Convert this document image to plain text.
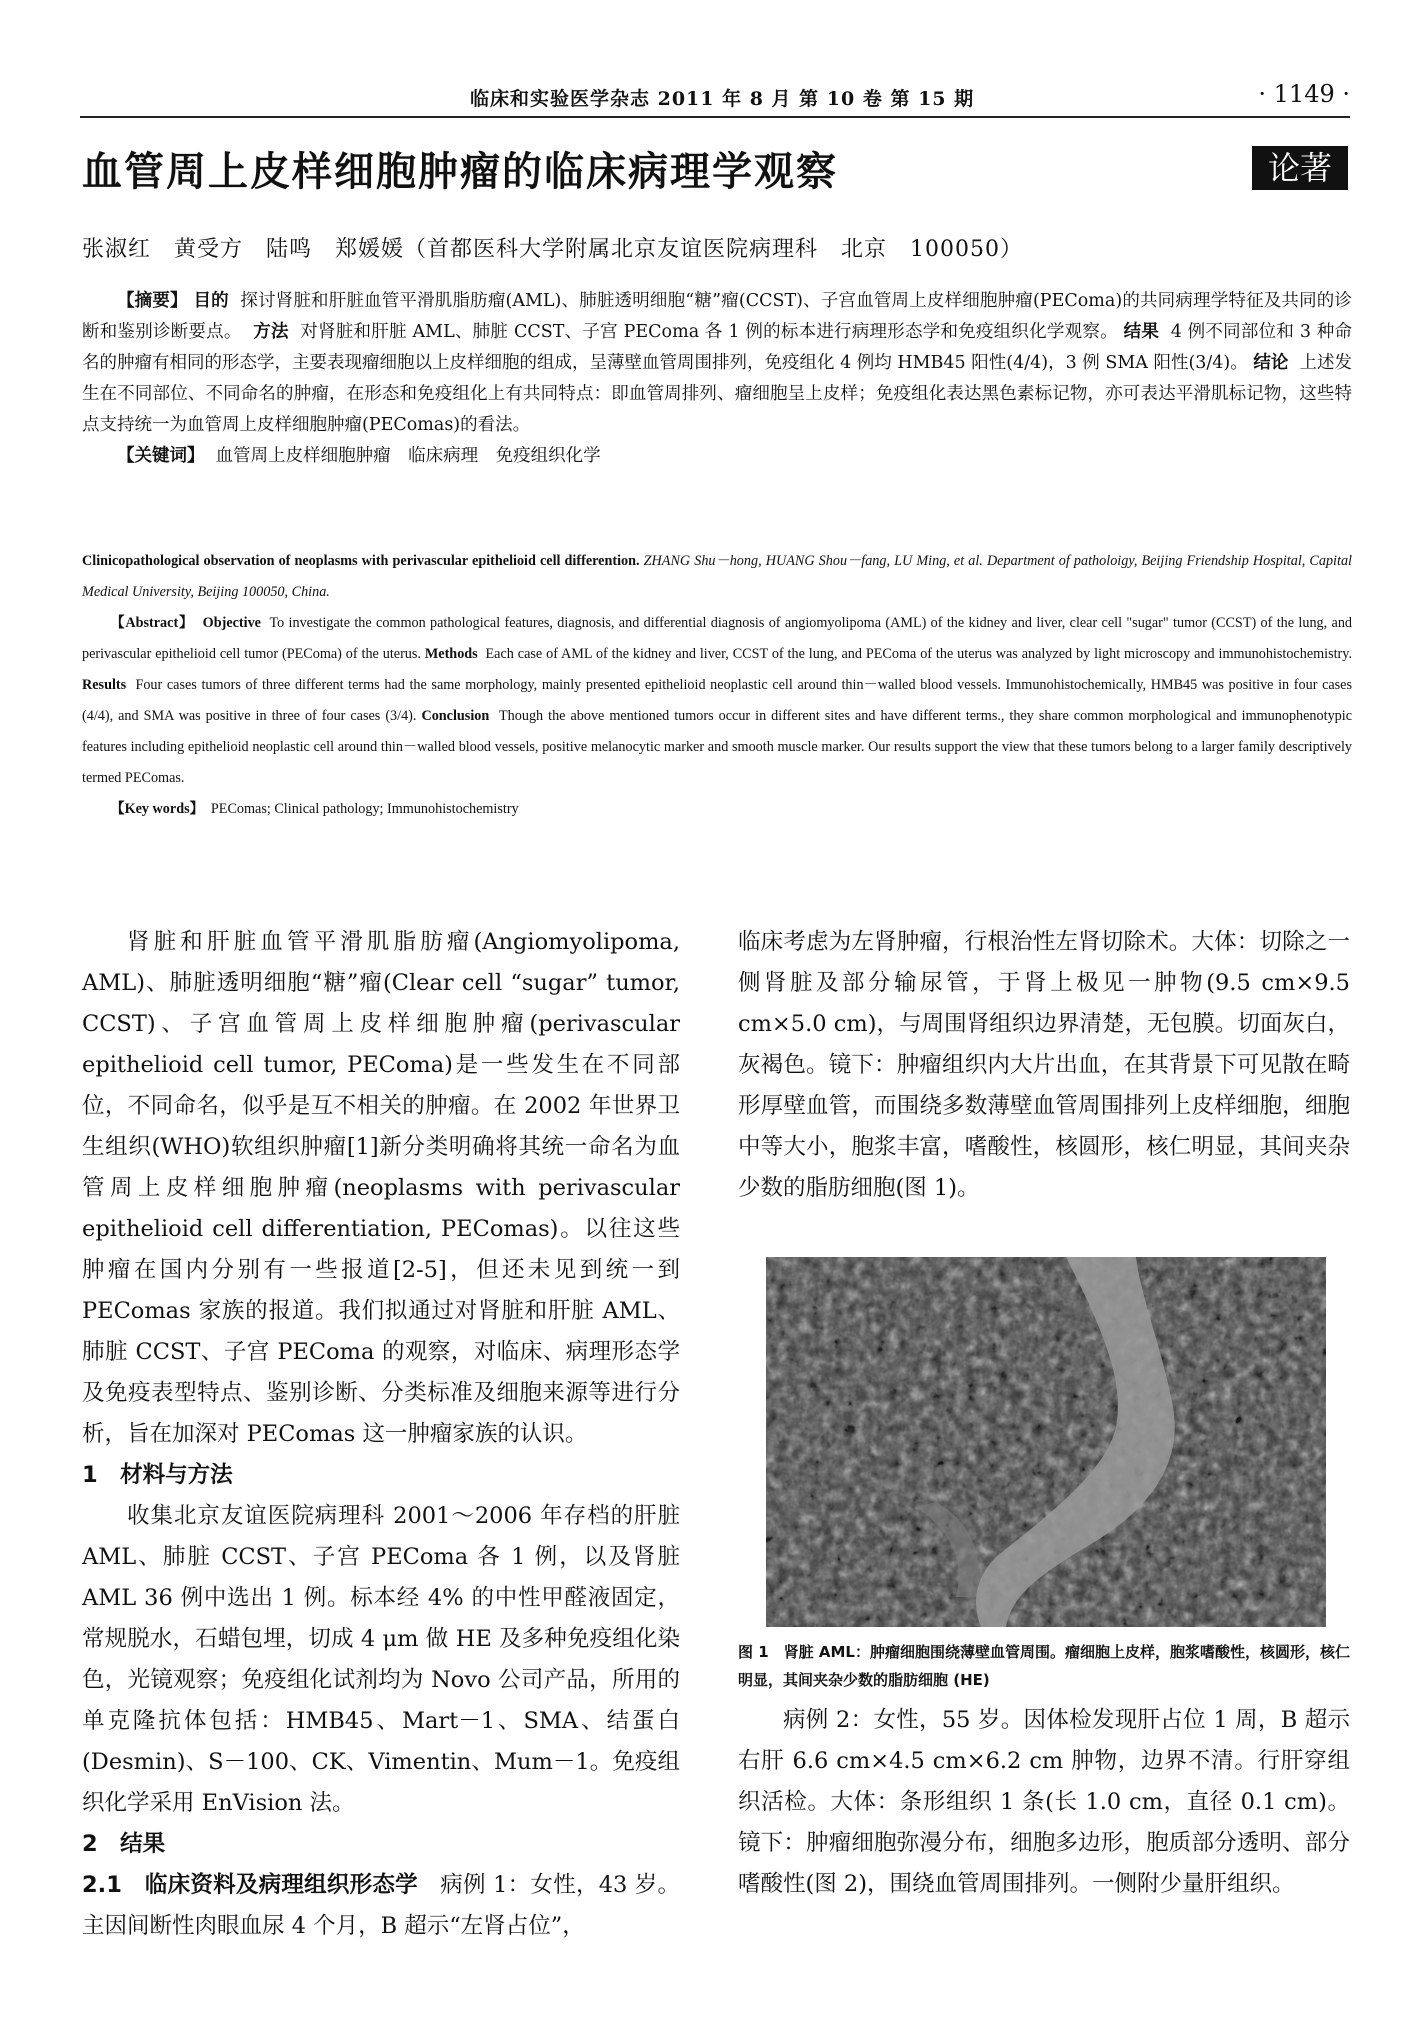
临床和实验医学杂志 2011 年 8 月 第 10 卷 第 15 期	· 1149 ·
血管周上皮样细胞肿瘤的临床病理学观察	论著
张淑红　黄受方　陆鸣　郑媛媛（首都医科大学附属北京友谊医院病理科　北京　100050）

【摘要】 目的 探讨肾脏和肝脏血管平滑肌脂肪瘤(AML)、肺脏透明细胞“糖”瘤(CCST)、子宫血管周上皮样细胞肿瘤(PEComa)的共同病理学特征及共同的诊断和鉴别诊断要点。 方法 对肾脏和肝脏 AML、肺脏 CCST、子宫 PEComa 各 1 例的标本进行病理形态学和免疫组织化学观察。 结果 4 例不同部位和 3 种命名的肿瘤有相同的形态学，主要表现瘤细胞以上皮样细胞的组成，呈薄壁血管周围排列，免疫组化 4 例均 HMB45 阳性(4/4)，3 例 SMA 阳性(3/4)。 结论 上述发生在不同部位、不同命名的肿瘤，在形态和免疫组化上有共同特点：即血管周排列、瘤细胞呈上皮样；免疫组化表达黑色素标记物，亦可表达平滑肌标记物，这些特点支持统一为血管周上皮样细胞肿瘤(PEComas)的看法。

【关键词】 血管周上皮样细胞肿瘤　临床病理　免疫组织化学

Clinicopathological observation of neoplasms with perivascular epithelioid cell differention. ZHANG Shu－hong, HUANG Shou－fang, LU Ming, et al. Department of patholoigy, Beijing Friendship Hospital, Capital Medical University, Beijing 100050, China.

【Abstract】 Objective To investigate the common pathological features, diagnosis, and differential diagnosis of angiomyolipoma (AML) of the kidney and liver, clear cell "sugar" tumor (CCST) of the lung, and perivascular epithelioid cell tumor (PEComa) of the uterus. Methods Each case of AML of the kidney and liver, CCST of the lung, and PEComa of the uterus was analyzed by light microscopy and immunohistochemistry. Results Four cases tumors of three different terms had the same morphology, mainly presented epithelioid neoplastic cell around thin－walled blood vessels. Immunohistochemically, HMB45 was positive in four cases (4/4), and SMA was positive in three of four cases (3/4). Conclusion Though the above mentioned tumors occur in different sites and have different terms., they share common morphological and immunophenotypic features including epithelioid neoplastic cell around thin－walled blood vessels, positive melanocytic marker and smooth muscle marker. Our results support the view that these tumors belong to a larger family descriptively termed PEComas.

【Key words】 PEComas; Clinical pathology; Immunohistochemistry

肾脏和肝脏血管平滑肌脂肪瘤(Angiomyolipoma, AML)、肺脏透明细胞“糖”瘤(Clear cell “sugar” tumor, CCST)、子宫血管周上皮样细胞肿瘤(perivascular epithelioid cell tumor, PEComa)是一些发生在不同部位，不同命名，似乎是互不相关的肿瘤。在 2002 年世界卫生组织(WHO)软组织肿瘤[1]新分类明确将其统一命名为血管周上皮样细胞肿瘤(neoplasms with perivascular epithelioid cell differentiation, PEComas)。以往这些肿瘤在国内分别有一些报道[2-5]，但还未见到统一到 PEComas 家族的报道。我们拟通过对肾脏和肝脏 AML、肺脏 CCST、子宫 PEComa 的观察，对临床、病理形态学及免疫表型特点、鉴别诊断、分类标准及细胞来源等进行分析，旨在加深对 PEComas 这一肿瘤家族的认识。

1　材料与方法

收集北京友谊医院病理科 2001～2006 年存档的肝脏 AML、肺脏 CCST、子宫 PEComa 各 1 例，以及肾脏 AML 36 例中选出 1 例。标本经 4% 的中性甲醛液固定，常规脱水，石蜡包埋，切成 4 μm 做 HE 及多种免疫组化染色，光镜观察；免疫组化试剂均为 Novo 公司产品，所用的单克隆抗体包括：HMB45、Mart－1、SMA、结蛋白(Desmin)、S－100、CK、Vimentin、Mum－1。免疫组织化学采用 EnVision 法。

2　结果

2.1　临床资料及病理组织形态学 病例 1：女性，43 岁。主因间断性肉眼血尿 4 个月，B 超示“左肾占位”，

临床考虑为左肾肿瘤，行根治性左肾切除术。大体：切除之一侧肾脏及部分输尿管，于肾上极见一肿物(9.5 cm×9.5 cm×5.0 cm)，与周围肾组织边界清楚，无包膜。切面灰白，灰褐色。镜下：肿瘤组织内大片出血，在其背景下可见散在畸形厚壁血管，而围绕多数薄壁血管周围排列上皮样细胞，细胞中等大小，胞浆丰富，嗜酸性，核圆形，核仁明显，其间夹杂少数的脂肪细胞(图 1)。

图 1　肾脏 AML：肿瘤细胞围绕薄壁血管周围。瘤细胞上皮样，胞浆嗜酸性，核圆形，核仁明显，其间夹杂少数的脂肪细胞 (HE)

病例 2：女性，55 岁。因体检发现肝占位 1 周，B 超示右肝 6.6 cm×4.5 cm×6.2 cm 肿物，边界不清。行肝穿组织活检。大体：条形组织 1 条(长 1.0 cm，直径 0.1 cm)。镜下：肿瘤细胞弥漫分布，细胞多边形，胞质部分透明、部分嗜酸性(图 2)，围绕血管周围排列。一侧附少量肝组织。
